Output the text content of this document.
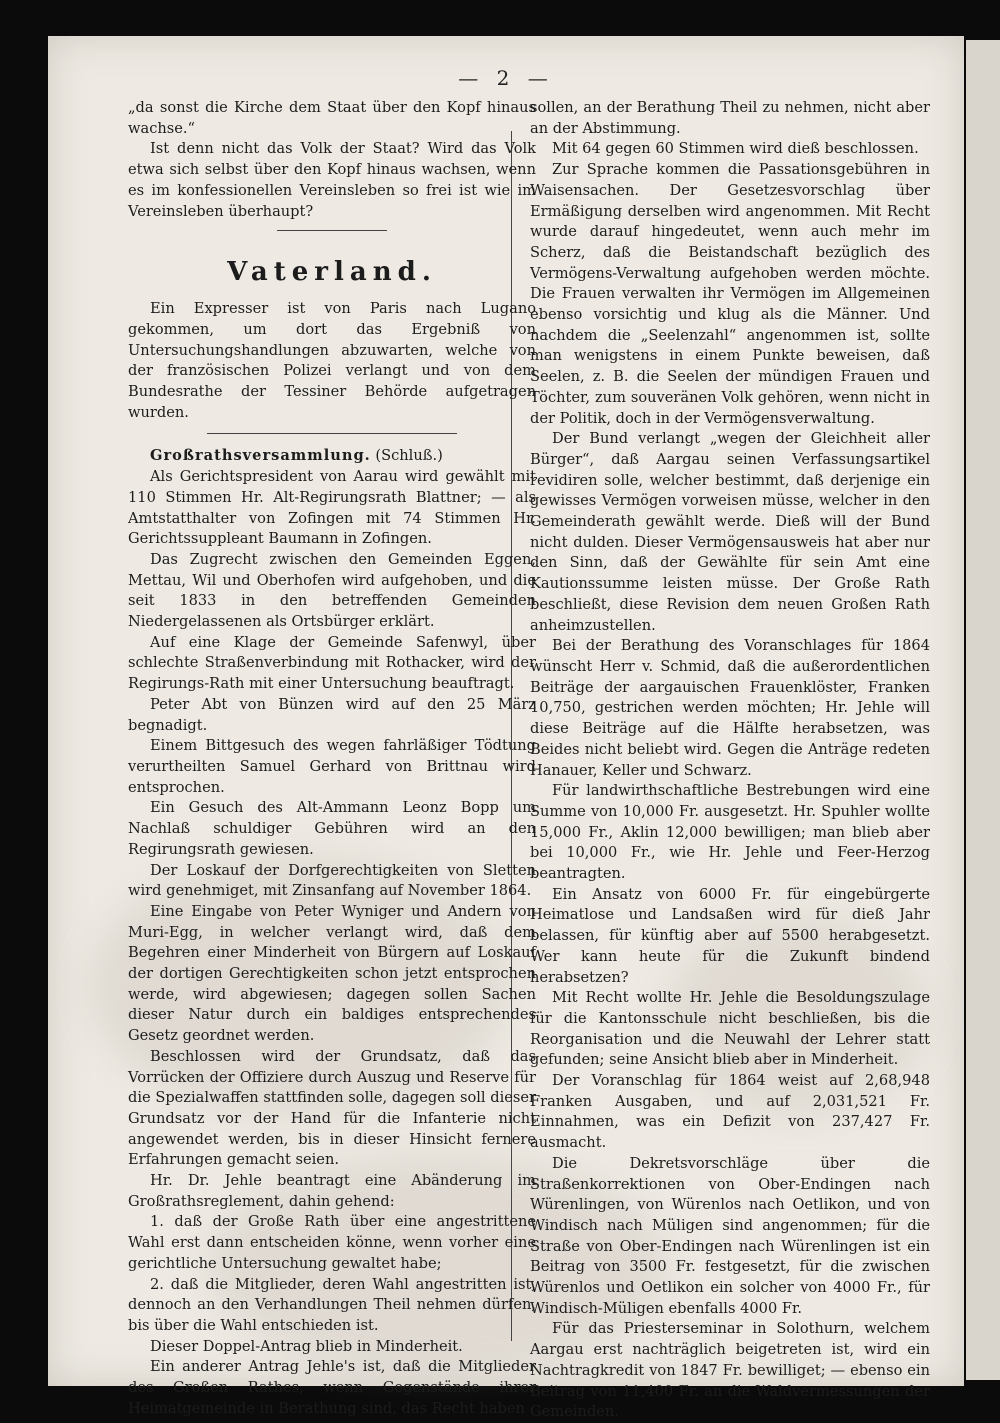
— 2 —

„da sonst die Kirche dem Staat über den Kopf hinaus wachse.“

Ist denn nicht das Volk der Staat? Wird das Volk etwa sich selbst über den Kopf hinaus wachsen, wenn es im konfessionellen Vereinsleben so frei ist wie im Vereinsleben überhaupt?

Vaterland.

Ein Expresser ist von Paris nach Lugano gekommen, um dort das Ergebniß von Untersuchungshandlungen abzuwarten, welche von der französischen Polizei verlangt und von dem Bundesrathe der Tessiner Behörde aufgetragen wurden.

Großrathsversammlung. (Schluß.)

Als Gerichtspresident von Aarau wird gewählt mit 110 Stimmen Hr. Alt-Regirungsrath Blattner; — als Amtstatthalter von Zofingen mit 74 Stimmen Hr. Gerichtssuppleant Baumann in Zofingen.

Das Zugrecht zwischen den Gemeinden Eggen, Mettau, Wil und Oberhofen wird aufgehoben, und die seit 1833 in den betreffenden Gemeinden Niedergelassenen als Ortsbürger erklärt.

Auf eine Klage der Gemeinde Safenwyl, über schlechte Straßenverbindung mit Rothacker, wird der Regirungs-Rath mit einer Untersuchung beauftragt.

Peter Abt von Bünzen wird auf den 25 März begnadigt.

Einem Bittgesuch des wegen fahrläßiger Tödtung verurtheilten Samuel Gerhard von Brittnau wird entsprochen.

Ein Gesuch des Alt-Ammann Leonz Bopp um Nachlaß schuldiger Gebühren wird an den Regirungsrath gewiesen.

Der Loskauf der Dorfgerechtigkeiten von Sletten wird genehmiget, mit Zinsanfang auf November 1864.

Eine Eingabe von Peter Wyniger und Andern von Muri-Egg, in welcher verlangt wird, daß dem Begehren einer Minderheit von Bürgern auf Loskauf der dortigen Gerechtigkeiten schon jetzt entsprochen werde, wird abgewiesen; dagegen sollen Sachen dieser Natur durch ein baldiges entsprechendes Gesetz geordnet werden.

Beschlossen wird der Grundsatz, daß das Vorrücken der Offiziere durch Auszug und Reserve für die Spezialwaffen stattfinden solle, dagegen soll dieser Grundsatz vor der Hand für die Infanterie nicht angewendet werden, bis in dieser Hinsicht fernere Erfahrungen gemacht seien.

Hr. Dr. Jehle beantragt eine Abänderung im Großrathsreglement, dahin gehend:

1. daß der Große Rath über eine angestrittene Wahl erst dann entscheiden könne, wenn vorher eine gerichtliche Untersuchung gewaltet habe;

2. daß die Mitglieder, deren Wahl angestritten ist, dennoch an den Verhandlungen Theil nehmen dürfen, bis über die Wahl entschieden ist.

Dieser Doppel-Antrag blieb in Minderheit.

Ein anderer Antrag Jehle's ist, daß die Mitglieder des Großen Rathes, wenn Gegenstände ihrer Heimatgemeinde in Berathung sind, das Recht haben

sollen, an der Berathung Theil zu nehmen, nicht aber an der Abstimmung.

Mit 64 gegen 60 Stimmen wird dieß beschlossen.

Zur Sprache kommen die Passationsgebühren in Waisensachen. Der Gesetzesvorschlag über Ermäßigung derselben wird angenommen. Mit Recht wurde darauf hingedeutet, wenn auch mehr im Scherz, daß die Beistandschaft bezüglich des Vermögens-Verwaltung aufgehoben werden möchte. Die Frauen verwalten ihr Vermögen im Allgemeinen ebenso vorsichtig und klug als die Männer. Und nachdem die „Seelenzahl“ angenommen ist, sollte man wenigstens in einem Punkte beweisen, daß Seelen, z. B. die Seelen der mündigen Frauen und Töchter, zum souveränen Volk gehören, wenn nicht in der Politik, doch in der Vermögensverwaltung.

Der Bund verlangt „wegen der Gleichheit aller Bürger“, daß Aargau seinen Verfassungsartikel revidiren solle, welcher bestimmt, daß derjenige ein gewisses Vermögen vorweisen müsse, welcher in den Gemeinderath gewählt werde. Dieß will der Bund nicht dulden. Dieser Vermögensausweis hat aber nur den Sinn, daß der Gewählte für sein Amt eine Kautionssumme leisten müsse. Der Große Rath beschließt, diese Revision dem neuen Großen Rath anheimzustellen.

Bei der Berathung des Voranschlages für 1864 wünscht Herr v. Schmid, daß die außerordentlichen Beiträge der aargauischen Frauenklöster, Franken 10,750, gestrichen werden möchten; Hr. Jehle will diese Beiträge auf die Hälfte herabsetzen, was Beides nicht beliebt wird. Gegen die Anträge redeten Hanauer, Keller und Schwarz.

Für landwirthschaftliche Bestrebungen wird eine Summe von 10,000 Fr. ausgesetzt. Hr. Spuhler wollte 15,000 Fr., Aklin 12,000 bewilligen; man blieb aber bei 10,000 Fr., wie Hr. Jehle und Feer-Herzog beantragten.

Ein Ansatz von 6000 Fr. für eingebürgerte Heimatlose und Landsaßen wird für dieß Jahr belassen, für künftig aber auf 5500 herabgesetzt. Wer kann heute für die Zukunft bindend herabsetzen?

Mit Recht wollte Hr. Jehle die Besoldungszulage für die Kantonsschule nicht beschließen, bis die Reorganisation und die Neuwahl der Lehrer statt gefunden; seine Ansicht blieb aber in Minderheit.

Der Voranschlag für 1864 weist auf 2,68,948 Franken Ausgaben, und auf 2,031,521 Fr. Einnahmen, was ein Defizit von 237,427 Fr. ausmacht.

Die Dekretsvorschläge über die Straßenkorrektionen von Ober-Endingen nach Würenlingen, von Würenlos nach Oetlikon, und von Windisch nach Müligen sind angenommen; für die Straße von Ober-Endingen nach Würenlingen ist ein Beitrag von 3500 Fr. festgesetzt, für die zwischen Würenlos und Oetlikon ein solcher von 4000 Fr., für Windisch-Müligen ebenfalls 4000 Fr.

Für das Priesterseminar in Solothurn, welchem Aargau erst nachträglich beigetreten ist, wird ein Nachtragkredit von 1847 Fr. bewilliget; — ebenso ein Beitrag von 11,400 Fr. an die Waldvermessungen der Gemeinden.
